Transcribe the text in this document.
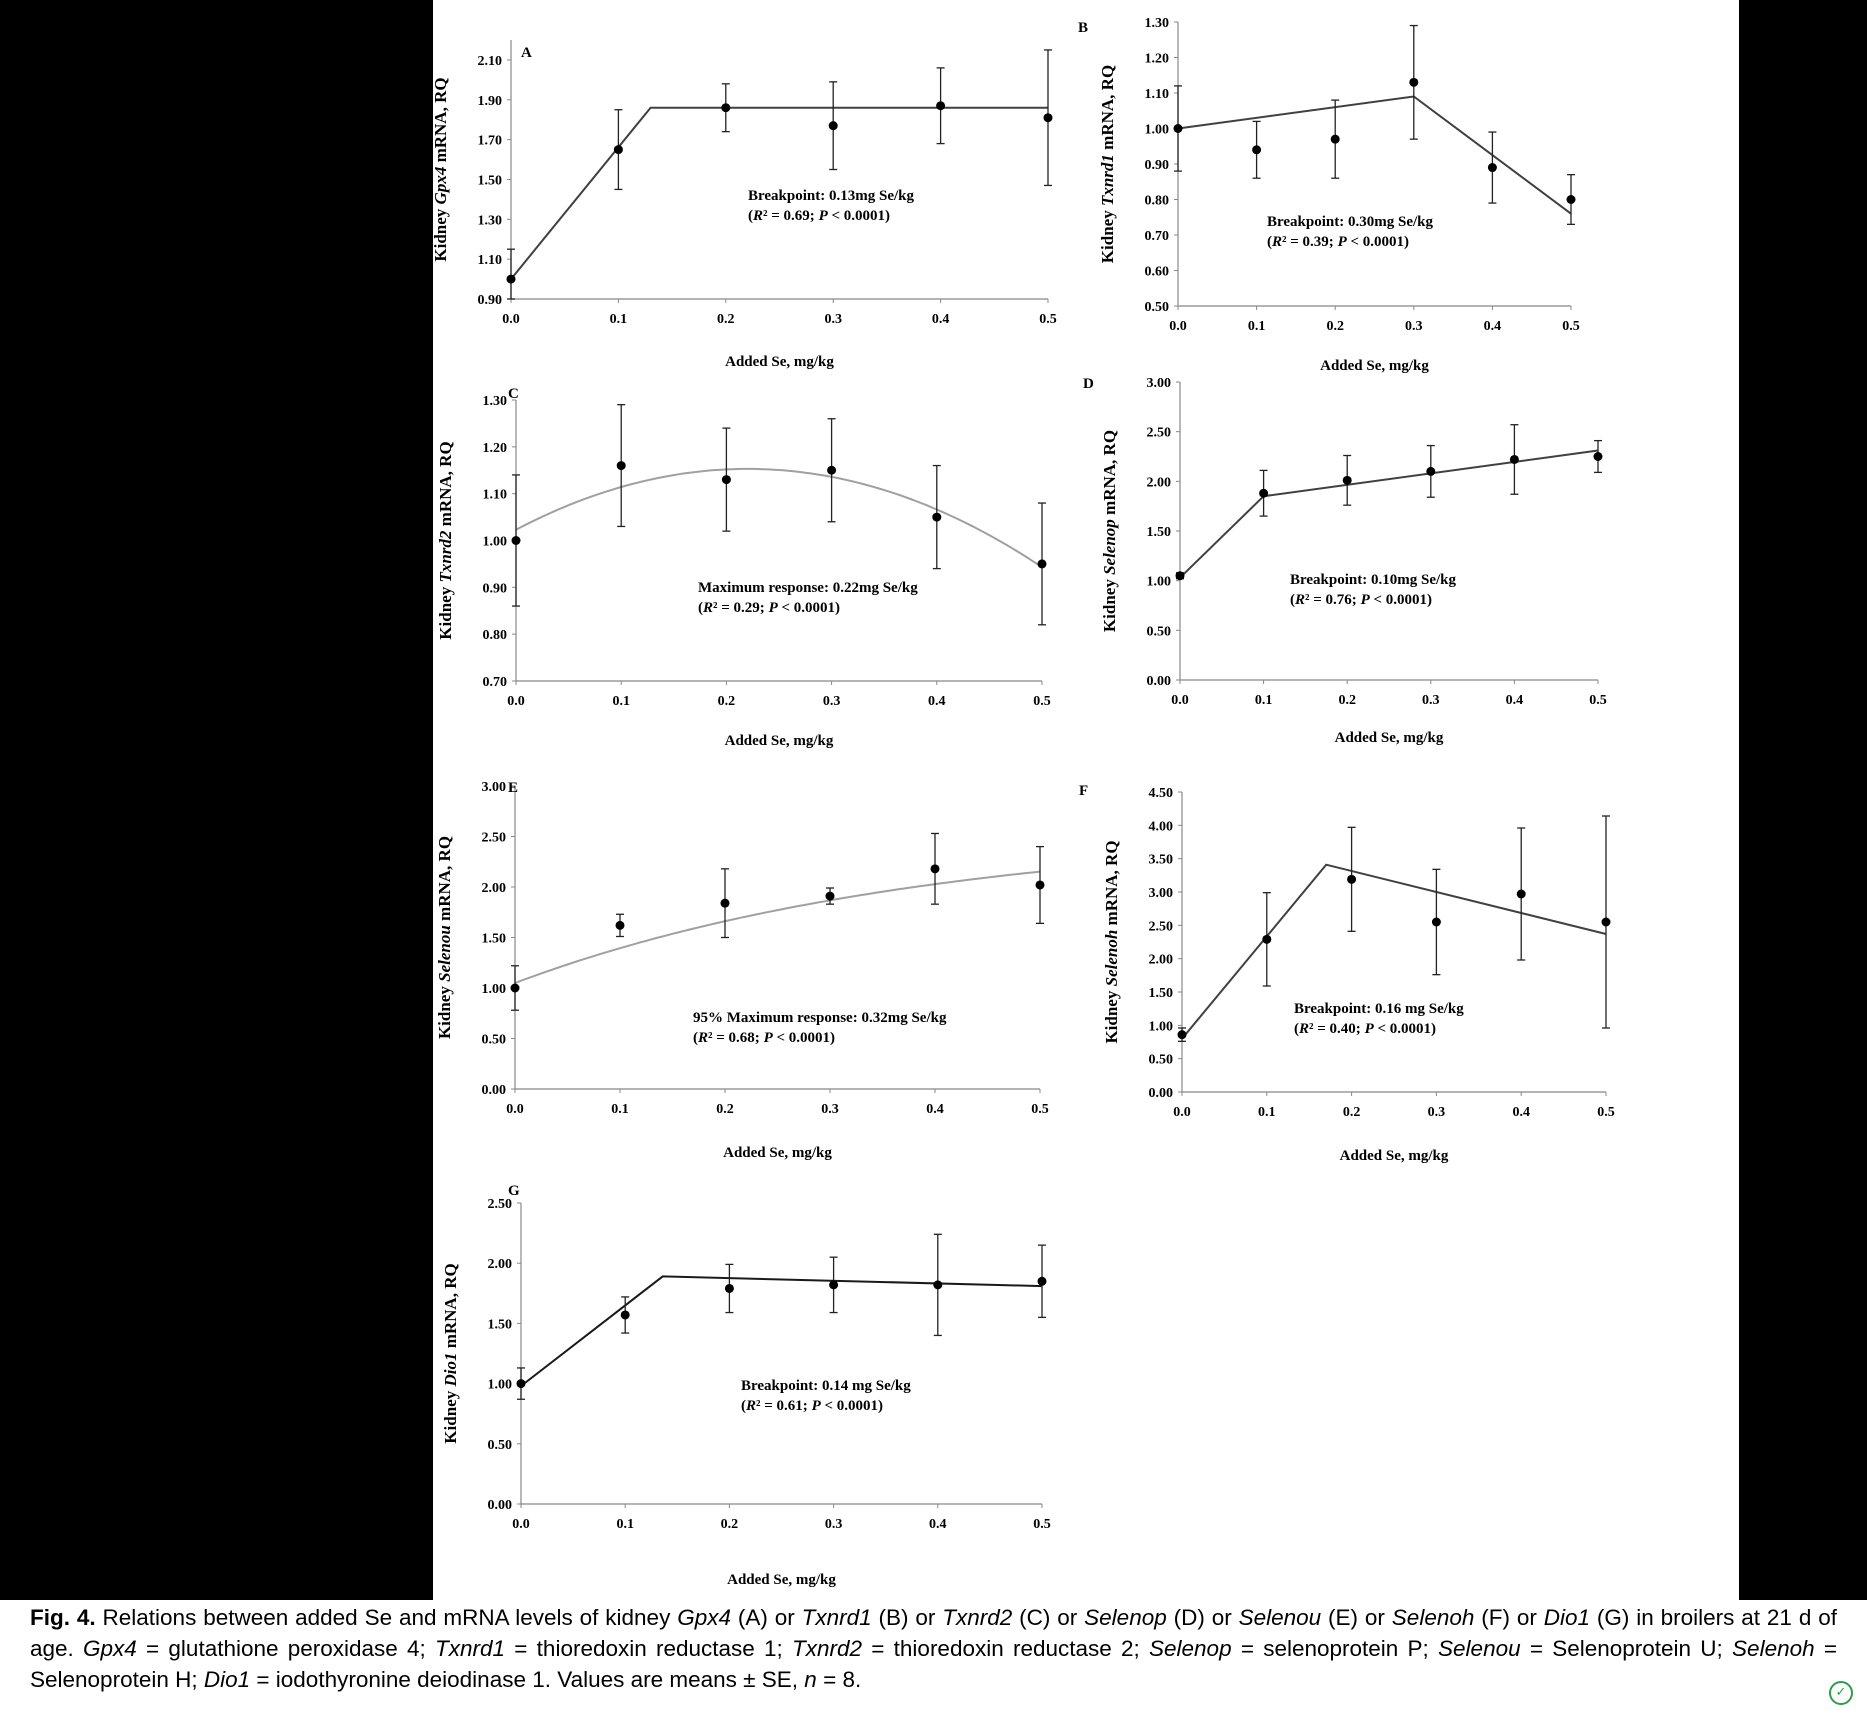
0.90
1.10
1.30
1.50
1.70
1.90
2.10
0.0	0.1	0.2	0.3	0.4	0.5
Added Se, mg/kg
Kidney Gpx4 mRNA, RQ
A
Breakpoint: 0.13mg Se/kg
(R² = 0.69; P < 0.0001)
0.50
0.60
0.70
0.80
0.90
1.00
1.10
1.20
1.30
0.0	0.1	0.2	0.3	0.4	0.5
Added Se, mg/kg
Kidney Txnrd1 mRNA, RQ
B
Breakpoint: 0.30mg Se/kg
(R² = 0.39; P < 0.0001)
0.70
0.80
0.90
1.00
1.10
1.20
1.30
0.0	0.1	0.2	0.3	0.4	0.5
Added Se, mg/kg
Kidney Txnrd2 mRNA, RQ
C
Maximum response: 0.22mg Se/kg
(R² = 0.29; P < 0.0001)
0.00
0.50
1.00
1.50
2.00
2.50
3.00
0.0	0.1	0.2	0.3	0.4	0.5
Added Se, mg/kg
Kidney Selenop mRNA, RQ
D
Breakpoint: 0.10mg Se/kg
(R² = 0.76; P < 0.0001)
0.00
0.50
1.00
1.50
2.00
2.50
3.00
0.0	0.1	0.2	0.3	0.4	0.5
Added Se, mg/kg
Kidney Selenou mRNA, RQ
E
95% Maximum response: 0.32mg Se/kg
(R² = 0.68; P < 0.0001)
0.00
0.50
1.00
1.50
2.00
2.50
3.00
3.50
4.00
4.50
0.0	0.1	0.2	0.3	0.4	0.5
Added Se, mg/kg
Kidney Selenoh mRNA, RQ
F
Breakpoint: 0.16 mg Se/kg
(R² = 0.40; P < 0.0001)
0.00
0.50
1.00
1.50
2.00
2.50
0.0	0.1	0.2	0.3	0.4	0.5
Added Se, mg/kg
Kidney Dio1 mRNA, RQ
G
Breakpoint: 0.14 mg Se/kg
(R² = 0.61; P < 0.0001)
Fig. 4. Relations between added Se and mRNA levels of kidney Gpx4 (A) or Txnrd1 (B) or Txnrd2 (C) or Selenop (D) or Selenou (E) or Selenoh (F) or Dio1 (G) in broilers at 21 d of age. Gpx4 = glutathione peroxidase 4; Txnrd1 = thioredoxin reductase 1; Txnrd2 = thioredoxin reductase 2; Selenop = selenoprotein P; Selenou = Selenoprotein U; Selenoh = Selenoprotein H; Dio1 = iodothyronine deiodinase 1. Values are means ± SE, n = 8.
✓
